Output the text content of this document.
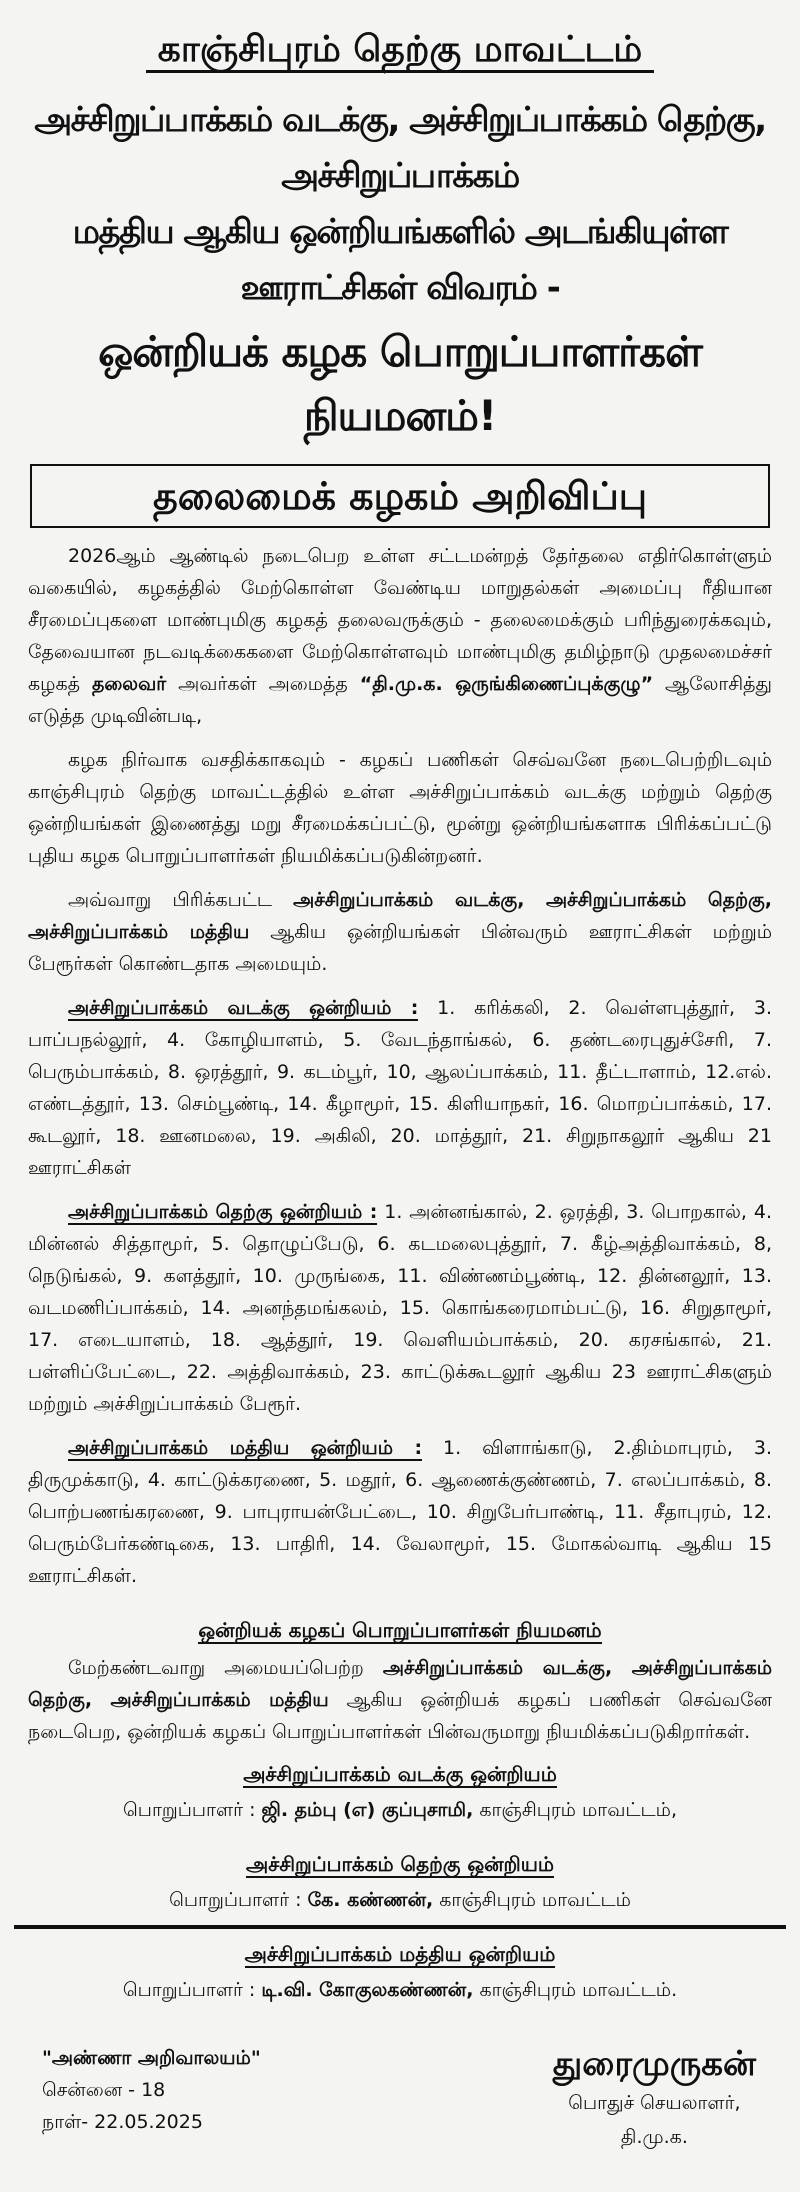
காஞ்சிபுரம் தெற்கு மாவட்டம்
அச்சிறுப்பாக்கம் வடக்கு, அச்சிறுப்பாக்கம் தெற்கு, அச்சிறுப்பாக்கம்
மத்திய ஆகிய ஒன்றியங்களில் அடங்கியுள்ள ஊராட்சிகள் விவரம் -
ஒன்றியக் கழக பொறுப்பாளர்கள் நியமனம்!
தலைமைக் கழகம் அறிவிப்பு
2026ஆம் ஆண்டில் நடைபெற உள்ள சட்டமன்றத் தேர்தலை எதிர்கொள்ளும் வகையில், கழகத்தில் மேற்கொள்ள வேண்டிய மாறுதல்கள் அமைப்பு ரீதியான சீரமைப்புகளை மாண்புமிகு கழகத் தலைவருக்கும் - தலைமைக்கும் பரிந்துரைக்கவும், தேவையான நடவடிக்கைகளை மேற்கொள்ளவும் மாண்புமிகு தமிழ்நாடு முதலமைச்சர் கழகத் தலைவர் அவர்கள் அமைத்த “தி.மு.க. ஒருங்கிணைப்புக்குழு” ஆலோசித்து எடுத்த முடிவின்படி,
கழக நிர்வாக வசதிக்காகவும் - கழகப் பணிகள் செவ்வனே நடைபெற்றிடவும் காஞ்சிபுரம் தெற்கு மாவட்டத்தில் உள்ள அச்சிறுப்பாக்கம் வடக்கு மற்றும் தெற்கு ஒன்றியங்கள் இணைத்து மறு சீரமைக்கப்பட்டு, மூன்று ஒன்றியங்களாக பிரிக்கப்பட்டு புதிய கழக பொறுப்பாளர்கள் நியமிக்கப்படுகின்றனர்.
அவ்வாறு பிரிக்கபட்ட அச்சிறுப்பாக்கம் வடக்கு, அச்சிறுப்பாக்கம் தெற்கு, அச்சிறுப்பாக்கம் மத்திய ஆகிய ஒன்றியங்கள் பின்வரும் ஊராட்சிகள் மற்றும் பேரூர்கள் கொண்டதாக அமையும்.
அச்சிறுப்பாக்கம் வடக்கு ஒன்றியம் : 1. கரிக்கலி, 2. வெள்ளபுத்தூர், 3. பாப்பநல்லூர், 4. கோழியாளம், 5. வேடந்தாங்கல், 6. தண்டரைபுதுச்சேரி, 7. பெரும்பாக்கம், 8. ஒரத்தூர், 9. கடம்பூர், 10, ஆலப்பாக்கம், 11. தீட்டாளாம், 12.எல். எண்டத்தூர், 13. செம்பூண்டி, 14. கீழாமூர், 15. கிளியாநகர், 16. மொறப்பாக்கம், 17. கூடலூர், 18. ஊனமலை, 19. அகிலி, 20. மாத்தூர், 21. சிறுநாகலூர் ஆகிய 21 ஊராட்சிகள்
அச்சிறுப்பாக்கம் தெற்கு ஒன்றியம் : 1. அன்னங்கால், 2. ஒரத்தி, 3. பொறகால், 4. மின்னல் சித்தாமூர், 5. தொழுப்பேடு, 6. கடமலைபுத்தூர், 7. கீழ்அத்திவாக்கம், 8, நெடுங்கல், 9. களத்தூர், 10. முருங்கை, 11. விண்ணம்பூண்டி, 12. தின்னலூர், 13. வடமணிப்பாக்கம், 14. அனந்தமங்கலம், 15. கொங்கரைமாம்பட்டு, 16. சிறுதாமூர், 17. எடையாளம், 18. ஆத்தூர், 19. வெளியம்பாக்கம், 20. கரசங்கால், 21. பள்ளிப்பேட்டை, 22. அத்திவாக்கம், 23. காட்டுக்கூடலூர் ஆகிய 23 ஊராட்சிகளும் மற்றும் அச்சிறுப்பாக்கம் பேரூர்.
அச்சிறுப்பாக்கம் மத்திய ஒன்றியம் : 1. விளாங்காடு, 2.திம்மாபுரம், 3. திருமுக்காடு, 4. காட்டுக்கரணை, 5. மதூர், 6. ஆணைக்குண்ணம், 7. எலப்பாக்கம், 8. பொற்பணங்கரணை, 9. பாபுராயன்பேட்டை, 10. சிறுபேர்பாண்டி, 11. சீதாபுரம், 12. பெரும்பேர்கண்டிகை, 13. பாதிரி, 14. வேலாமூர், 15. மோகல்வாடி ஆகிய 15 ஊராட்சிகள்.
ஒன்றியக் கழகப் பொறுப்பாளர்கள் நியமனம்
மேற்கண்டவாறு அமையப்பெற்ற அச்சிறுப்பாக்கம் வடக்கு, அச்சிறுப்பாக்கம் தெற்கு, அச்சிறுப்பாக்கம் மத்திய ஆகிய ஒன்றியக் கழகப் பணிகள் செவ்வனே நடைபெற, ஒன்றியக் கழகப் பொறுப்பாளர்கள் பின்வருமாறு நியமிக்கப்படுகிறார்கள்.
அச்சிறுப்பாக்கம் வடக்கு ஒன்றியம்
பொறுப்பாளர் : ஜி. தம்பு (எ) குப்புசாமி, காஞ்சிபுரம் மாவட்டம்,
அச்சிறுப்பாக்கம் தெற்கு ஒன்றியம்
பொறுப்பாளர் : கே. கண்ணன், காஞ்சிபுரம் மாவட்டம்
அச்சிறுப்பாக்கம் மத்திய ஒன்றியம்
பொறுப்பாளர் : டி.வி. கோகுலகண்ணன், காஞ்சிபுரம் மாவட்டம்.
"அண்ணா அறிவாலயம்"
சென்னை - 18
நாள்- 22.05.2025
துரைமுருகன்
பொதுச் செயலாளர்,
தி.மு.க.
